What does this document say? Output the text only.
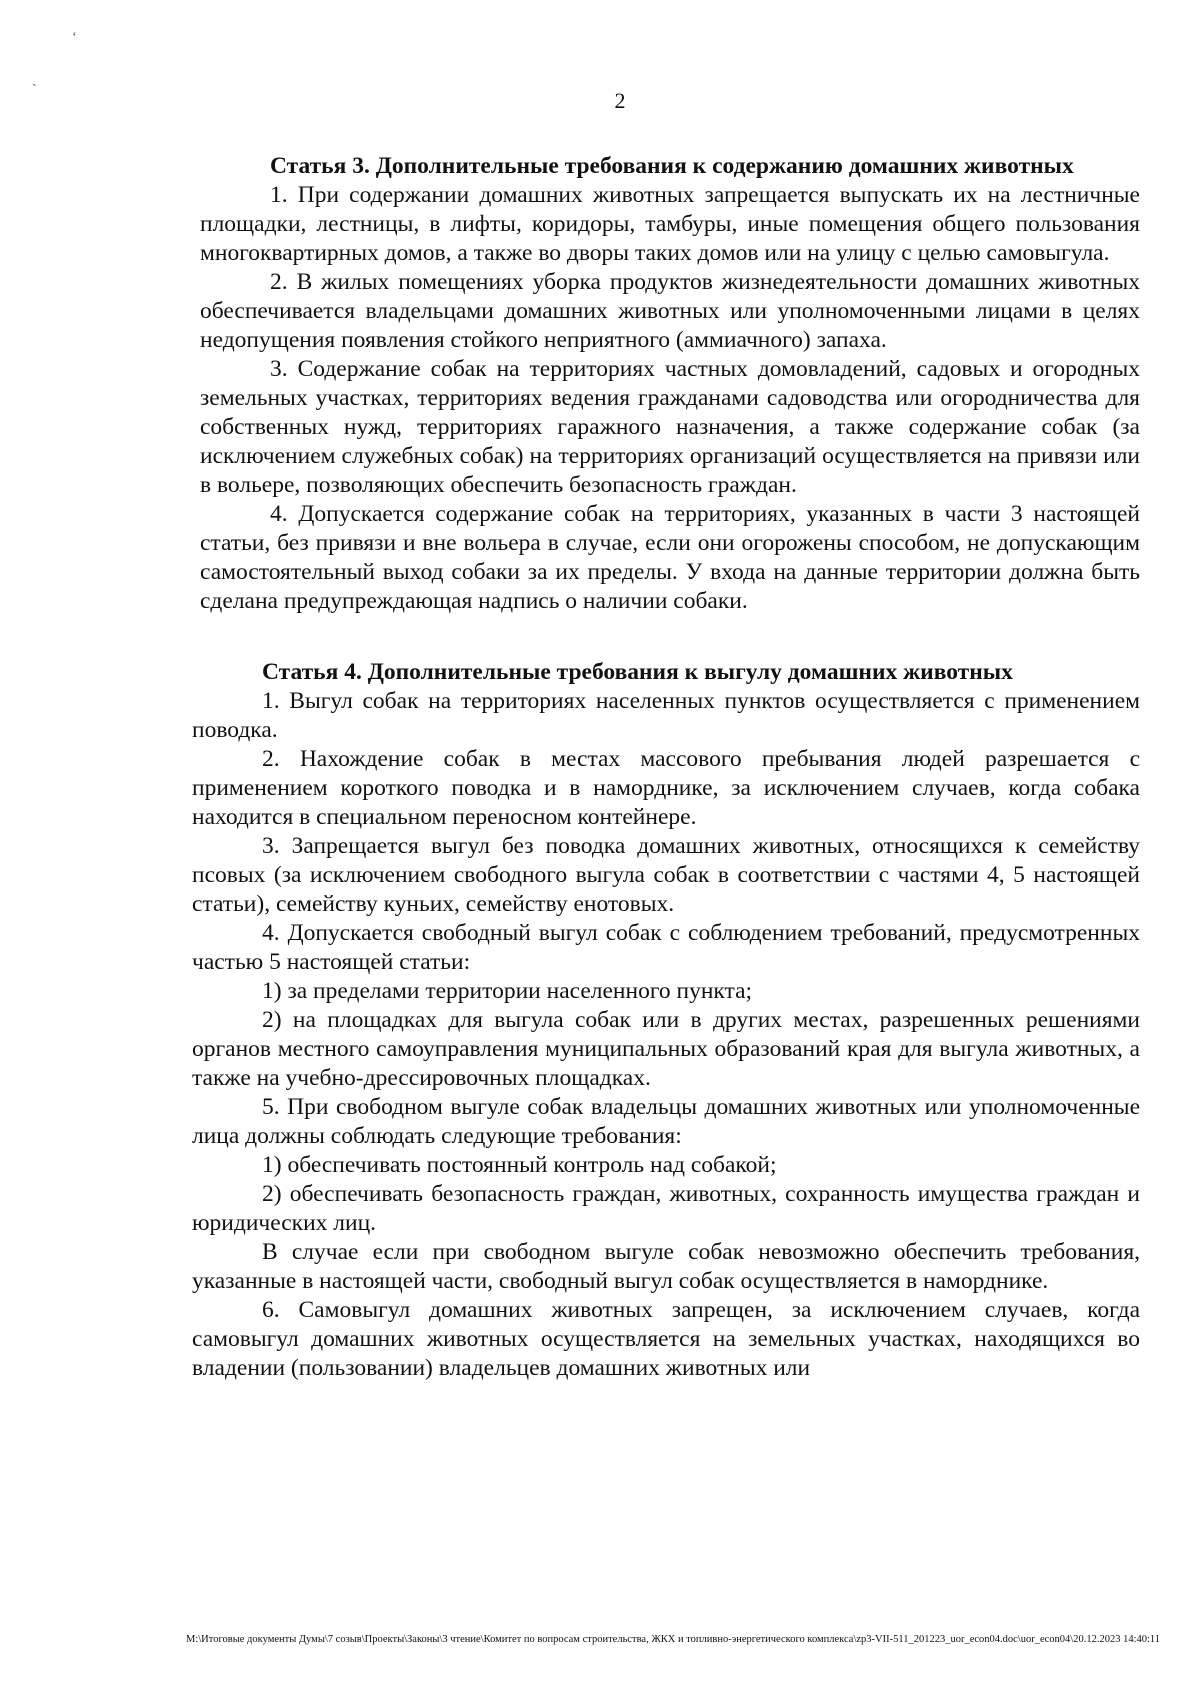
‘
ˏ
2

Статья 3. Дополнительные требования к содержанию домашних животных

1. При содержании домашних животных запрещается выпускать их на лестничные площадки, лестницы, в лифты, коридоры, тамбуры, иные помещения общего пользования многоквартирных домов, а также во дворы таких домов или на улицу с целью самовыгула.

2. В жилых помещениях уборка продуктов жизнедеятельности домашних животных обеспечивается владельцами домашних животных или уполномоченными лицами в целях недопущения появления стойкого неприятного (аммиачного) запаха.

3. Содержание собак на территориях частных домовладений, садовых и огородных земельных участках, территориях ведения гражданами садоводства или огородничества для собственных нужд, территориях гаражного назначения, а также содержание собак (за исключением служебных собак) на территориях организаций осуществляется на привязи или в вольере, позволяющих обеспечить безопасность граждан.

4. Допускается содержание собак на территориях, указанных в части 3 настоящей статьи, без привязи и вне вольера в случае, если они огорожены способом, не допускающим самостоятельный выход собаки за их пределы. У входа на данные территории должна быть сделана предупреждающая надпись о наличии собаки.

Статья 4. Дополнительные требования к выгулу домашних животных

1. Выгул собак на территориях населенных пунктов осуществляется с применением поводка.

2. Нахождение собак в местах массового пребывания людей разрешается с применением короткого поводка и в наморднике, за исключением случаев, когда собака находится в специальном переносном контейнере.

3. Запрещается выгул без поводка домашних животных, относящихся к семейству псовых (за исключением свободного выгула собак в соответствии с частями 4, 5 настоящей статьи), семейству куньих, семейству енотовых.

4. Допускается свободный выгул собак с соблюдением требований, предусмотренных частью 5 настоящей статьи:

1) за пределами территории населенного пункта;

2) на площадках для выгула собак или в других местах, разрешенных решениями органов местного самоуправления муниципальных образований края для выгула животных, а также на учебно-дрессировочных площадках.

5. При свободном выгуле собак владельцы домашних животных или уполномоченные лица должны соблюдать следующие требования:

1) обеспечивать постоянный контроль над собакой;

2) обеспечивать безопасность граждан, животных, сохранность имущества граждан и юридических лиц.

В случае если при свободном выгуле собак невозможно обеспечить требования, указанные в настоящей части, свободный выгул собак осуществляется в наморднике.

6. Самовыгул домашних животных запрещен, за исключением случаев, когда самовыгул домашних животных осуществляется на земельных участках, находящихся во владении (пользовании) владельцев домашних животных или

M:\Итоговые документы Думы\7 созыв\Проекты\Законы\3 чтение\Комитет по вопросам строительства, ЖКХ и топливно-энергетического комплекса\zp3-VII-511_201223_uor_econ04.doc\uor_econ04\20.12.2023 14:40:11
